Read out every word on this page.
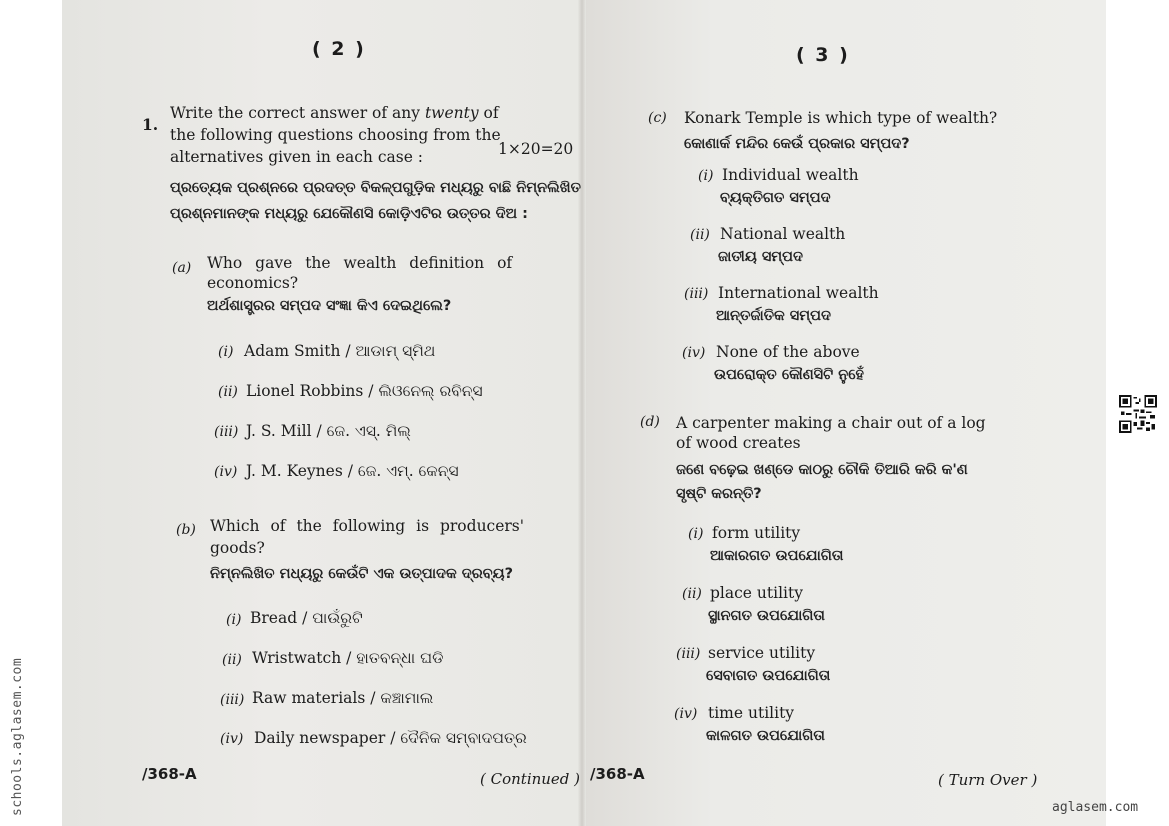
( 2 )
1.
Write the correct answer of any twenty of
the following questions choosing from the
alternatives given in each case :	1×20=20
ପ୍ରତ୍ୟେକ ପ୍ରଶ୍ନରେ ପ୍ରଦତ୍ତ ବିକଳ୍ପଗୁଡ଼ିକ ମଧ୍ୟରୁ ବାଛି ନିମ୍ନଲିଖିତ
ପ୍ରଶ୍ନମାନଙ୍କ ମଧ୍ୟରୁ ଯେକୌଣସି କୋଡ଼ିଏଟିର ଉତ୍ତର ଦିଅ :
(a) Who gave the wealth definition of
economics?
ଅର୍ଥଶାସ୍ତ୍ରର ସମ୍ପଦ ସଂଜ୍ଞା କିଏ ଦେଇଥିଲେ?
(i) Adam Smith / ଆଡାମ୍ ସ୍ମିଥ
(ii) Lionel Robbins / ଲିଓନେଲ୍ ରବିନ୍ସ
(iii) J. S. Mill / ଜେ. ଏସ୍. ମିଲ୍
(iv) J. M. Keynes / ଜେ. ଏମ୍. କେନ୍ସ
(b) Which of the following is producers'
goods?
ନିମ୍ନଲିଖିତ ମଧ୍ୟରୁ କେଉଁଟି ଏକ ଉତ୍ପାଦକ ଦ୍ରବ୍ୟ?
(i) Bread / ପାଉଁରୁଟି
(ii) Wristwatch / ହାତବନ୍ଧା ଘଡି
(iii) Raw materials / କଞ୍ଚାମାଲ
(iv) Daily newspaper / ଦୈନିକ ସମ୍ବାଦପତ୍ର
/368-A	( Continued )
( 3 )
(c) Konark Temple is which type of wealth?
କୋଣାର୍କ ମନ୍ଦିର କେଉଁ ପ୍ରକାର ସମ୍ପଦ?
(i) Individual wealth
ବ୍ୟକ୍ତିଗତ ସମ୍ପଦ
(ii) National wealth
ଜାତୀୟ ସମ୍ପଦ
(iii) International wealth
ଆନ୍ତର୍ଜାତିକ ସମ୍ପଦ
(iv) None of the above
ଉପରୋକ୍ତ କୌଣସିଟି ନୁହେଁ
(d) A carpenter making a chair out of a log
of wood creates
ଜଣେ ବଢ଼େଇ ଖଣ୍ଡେ କାଠରୁ ଚୌକି ତିଆରି କରି କ'ଣ
ସୃଷ୍ଟି କରନ୍ତି?
(i) form utility
ଆକାରଗତ ଉପଯୋଗିତା
(ii) place utility
ସ୍ଥାନଗତ ଉପଯୋଗିତା
(iii) service utility
ସେବାଗତ ଉପଯୋଗିତା
(iv) time utility
କାଳଗତ ଉପଯୋଗିତା
/368-A	( Turn Over )
schools.aglasem.com	aglasem.com
